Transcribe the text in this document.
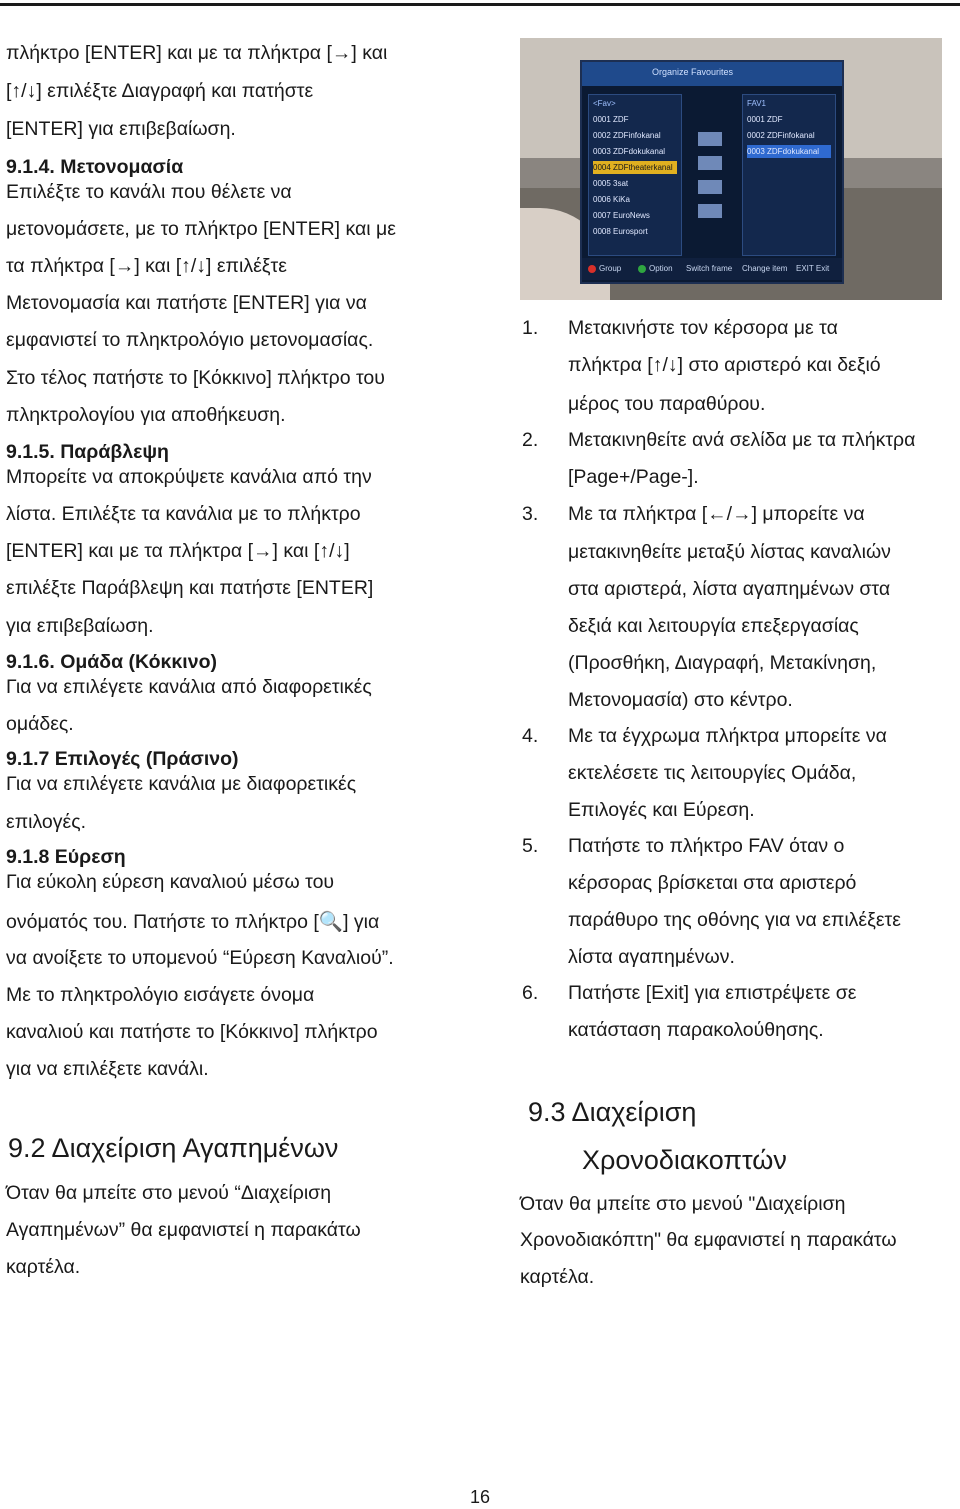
πλήκτρο [ENTER] και με τα πλήκτρα [→] και
[↑/↓] επιλέξτε Διαγραφή και πατήστε
[ENTER] για επιβεβαίωση.
9.1.4. Μετονομασία
Επιλέξτε το κανάλι που θέλετε να
μετονομάσετε, με το πλήκτρο [ENTER] και με
τα πλήκτρα [→] και [↑/↓] επιλέξτε
Μετονομασία και πατήστε [ENTER] για να
εμφανιστεί το πληκτρολόγιο μετονομασίας.
Στο τέλος πατήστε το [Κόκκινο] πλήκτρο του
πληκτρολογίου για αποθήκευση.
9.1.5. Παράβλεψη
Μπορείτε να αποκρύψετε κανάλια από την
λίστα. Επιλέξτε τα κανάλια με το πλήκτρο
[ENTER] και με τα πλήκτρα [→] και [↑/↓]
επιλέξτε Παράβλεψη και πατήστε [ENTER]
για επιβεβαίωση.
9.1.6. Ομάδα (Κόκκινο)
Για να επιλέγετε κανάλια από διαφορετικές
ομάδες.
9.1.7 Επιλογές (Πράσινο)
Για να επιλέγετε κανάλια με διαφορετικές
επιλογές.
9.1.8 Εύρεση
Για εύκολη εύρεση καναλιού μέσω του
ονόματός του. Πατήστε το πλήκτρο [🔍] για
να ανοίξετε το υπομενού “Εύρεση Καναλιού”.
Με το πληκτρολόγιο εισάγετε όνομα
καναλιού και πατήστε το [Κόκκινο] πλήκτρο
για να επιλέξετε κανάλι.
9.2 Διαχείριση Αγαπημένων
Όταν θα μπείτε στο μενού “Διαχείριση
Αγαπημένων” θα εμφανιστεί η παρακάτω
καρτέλα.
Organize Favourites
<Fav>
0001 ZDF
0002 ZDFinfokanal
0003 ZDFdokukanal
0004 ZDFtheaterkanal
0005 3sat
0006 KiKa
0007 EuroNews
0008 Eurosport
FAV1
0001 ZDF
0002 ZDFinfokanal
0003 ZDFdokukanal
Group	Option Switch frame Change item EXIT Exit
1. Μετακινήστε τον κέρσορα με τα
πλήκτρα [↑/↓] στο αριστερό και δεξιό
μέρος του παραθύρου.
2. Μετακινηθείτε ανά σελίδα με τα πλήκτρα
[Page+/Page-].
3. Με τα πλήκτρα [←/→] μπορείτε να
μετακινηθείτε μεταξύ λίστας καναλιών
στα αριστερά, λίστα αγαπημένων στα
δεξιά και λειτουργία επεξεργασίας
(Προσθήκη, Διαγραφή, Μετακίνηση,
Μετονομασία) στο κέντρο.
4. Με τα έγχρωμα πλήκτρα μπορείτε να
εκτελέσετε τις λειτουργίες Ομάδα,
Επιλογές και Εύρεση.
5. Πατήστε το πλήκτρο FAV όταν ο
κέρσορας βρίσκεται στα αριστερό
παράθυρο της οθόνης για να επιλέξετε
λίστα αγαπημένων.
6. Πατήστε [Exit] για επιστρέψετε σε
κατάσταση παρακολούθησης.
9.3 Διαχείριση
Χρονοδιακοπτών
Όταν θα μπείτε στο μενού "Διαχείριση
Χρονοδιακόπτη" θα εμφανιστεί η παρακάτω
καρτέλα.
16
